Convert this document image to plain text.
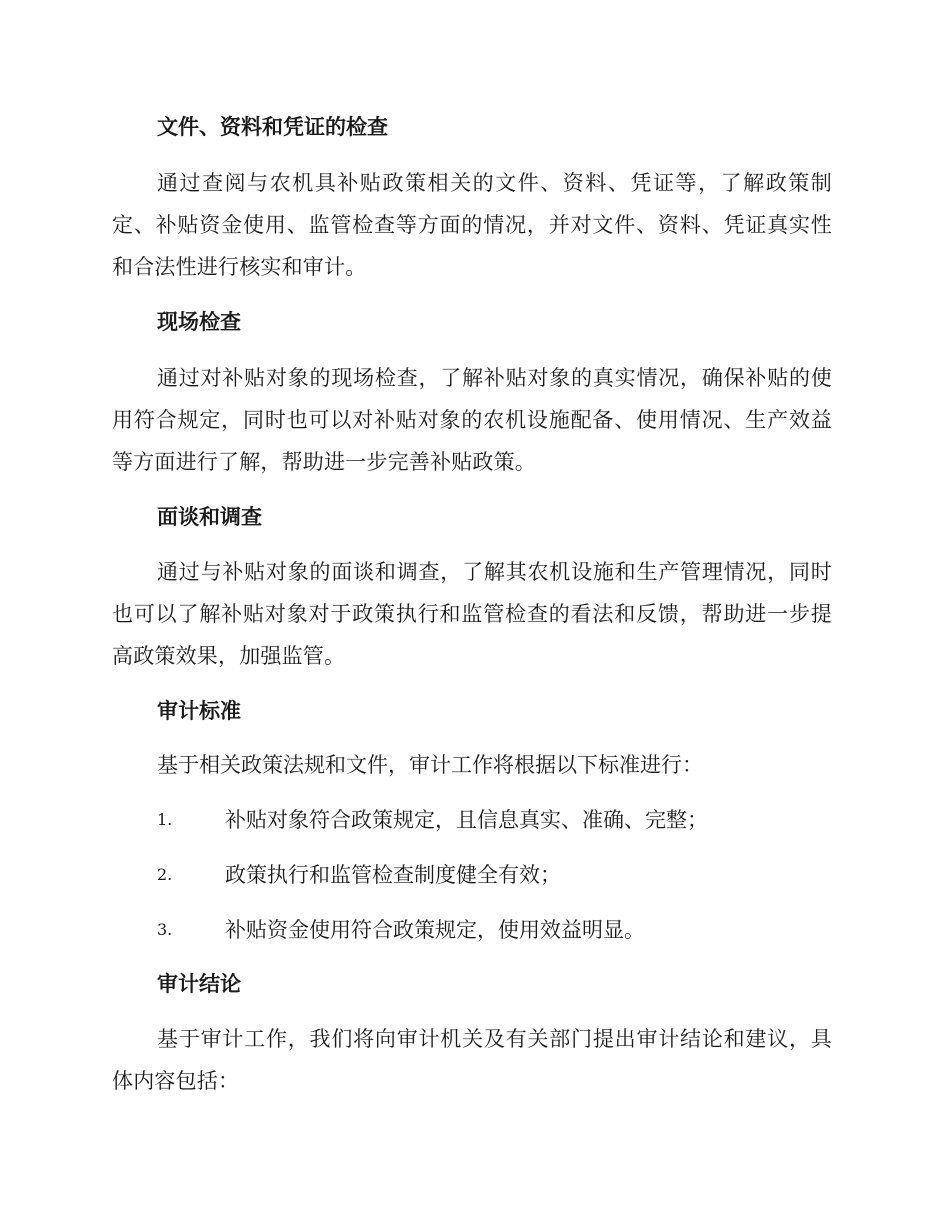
文件、资料和凭证的检查
通过查阅与农机具补贴政策相关的文件、资料、凭证等，了解政策制定、补贴资金使用、监管检查等方面的情况，并对文件、资料、凭证真实性和合法性进行核实和审计。
现场检查
通过对补贴对象的现场检查，了解补贴对象的真实情况，确保补贴的使用符合规定，同时也可以对补贴对象的农机设施配备、使用情况、生产效益等方面进行了解，帮助进一步完善补贴政策。
面谈和调查
通过与补贴对象的面谈和调查，了解其农机设施和生产管理情况，同时也可以了解补贴对象对于政策执行和监管检查的看法和反馈，帮助进一步提高政策效果，加强监管。
审计标准
基于相关政策法规和文件，审计工作将根据以下标准进行：
1.	补贴对象符合政策规定，且信息真实、准确、完整；
2.	政策执行和监管检查制度健全有效；
3.	补贴资金使用符合政策规定，使用效益明显。
审计结论
基于审计工作，我们将向审计机关及有关部门提出审计结论和建议，具体内容包括：
